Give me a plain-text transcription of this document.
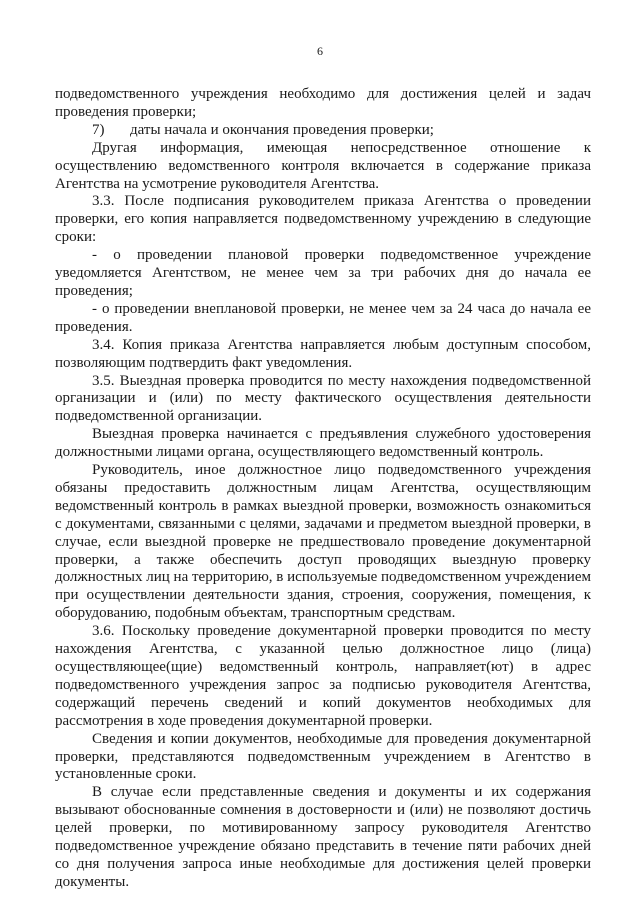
6

подведомственного учреждения необходимо для достижения целей и задач проведения проверки;

7) даты начала и окончания проведения проверки;

Другая информация, имеющая непосредственное отношение к осуществлению ведомственного контроля включается в содержание приказа Агентства на усмотрение руководителя Агентства.

3.3. После подписания руководителем приказа Агентства о проведении проверки, его копия направляется подведомственному учреждению в следующие сроки:

- о проведении плановой проверки подведомственное учреждение уведомляется Агентством, не менее чем за три рабочих дня до начала ее проведения;

- о проведении внеплановой проверки, не менее чем за 24 часа до начала ее проведения.

3.4. Копия приказа Агентства направляется любым доступным способом, позволяющим подтвердить факт уведомления.

3.5. Выездная проверка проводится по месту нахождения подведомственной организации и (или) по месту фактического осуществления деятельности подведомственной организации.

Выездная проверка начинается с предъявления служебного удостоверения должностными лицами органа, осуществляющего ведомственный контроль.

Руководитель, иное должностное лицо подведомственного учреждения обязаны предоставить должностным лицам Агентства, осуществляющим ведомственный контроль в рамках выездной проверки, возможность ознакомиться с документами, связанными с целями, задачами и предметом выездной проверки, в случае, если выездной проверке не предшествовало проведение документарной проверки, а также обеспечить доступ проводящих выездную проверку должностных лиц на территорию, в используемые подведомственном учреждением при осуществлении деятельности здания, строения, сооружения, помещения, к оборудованию, подобным объектам, транспортным средствам.

3.6. Поскольку проведение документарной проверки проводится по месту нахождения Агентства, с указанной целью должностное лицо (лица) осуществляющее(щие) ведомственный контроль, направляет(ют) в адрес подведомственного учреждения запрос за подписью руководителя Агентства, содержащий перечень сведений и копий документов необходимых для рассмотрения в ходе проведения документарной проверки.

Сведения и копии документов, необходимые для проведения документарной проверки, представляются подведомственным учреждением в Агентство в установленные сроки.

В случае если представленные сведения и документы и их содержания вызывают обоснованные сомнения в достоверности и (или) не позволяют достичь целей проверки, по мотивированному запросу руководителя Агентство подведомственное учреждение обязано представить в течение пяти рабочих дней со дня получения запроса иные необходимые для достижения целей проверки документы.
